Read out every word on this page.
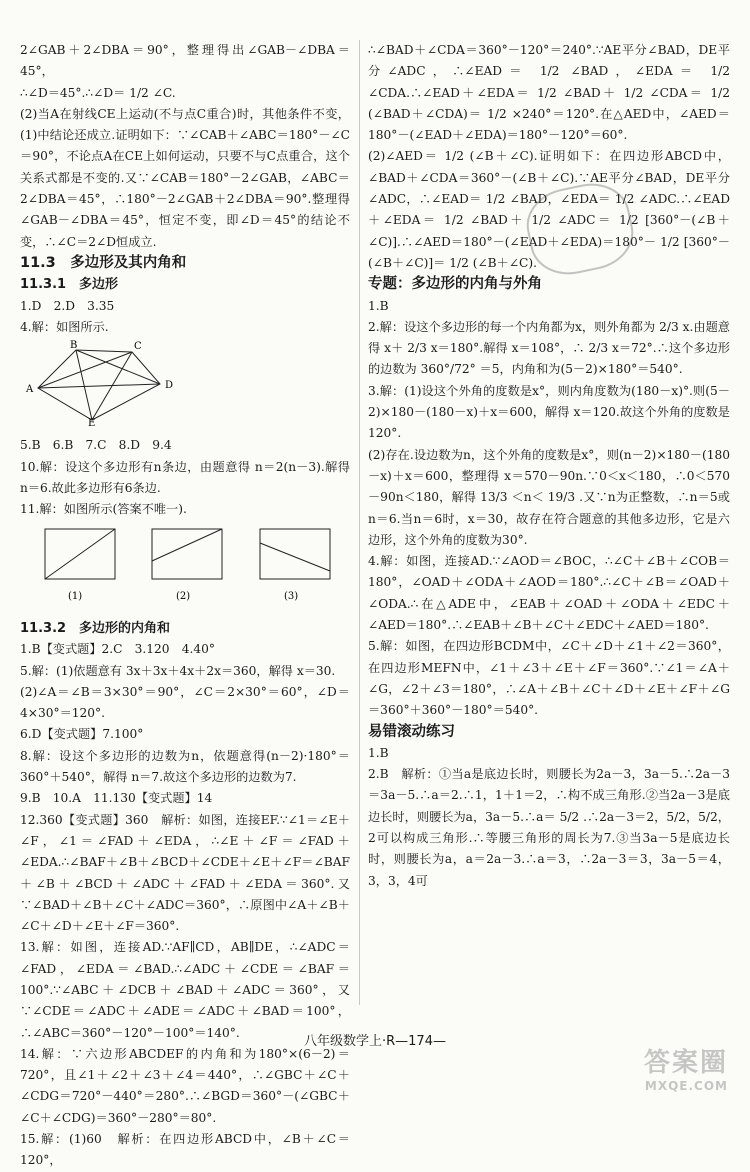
2∠GAB＋2∠DBA＝90°，整理得出∠GAB－∠DBA＝45°，

∴∠D＝45°.∴∠D＝ 1/2 ∠C.

(2)当A在射线CE上运动(不与点C重合)时，其他条件不变，(1)中结论还成立.证明如下：∵∠CAB＋∠ABC＝180°－∠C＝90°，不论点A在CE上如何运动，只要不与C点重合，这个关系式都是不变的.又∵∠CAB＝180°－2∠GAB，∠ABC＝2∠DBA＝45°，∴180°－2∠GAB＋2∠DBA＝90°.整理得∠GAB－∠DBA＝45°，恒定不变，即∠D＝45°的结论不变，∴∠C＝2∠D恒成立.

11.3　多边形及其内角和

11.3.1　多边形

1.D　2.D　3.35

4.解：如图所示.

A
B	C
D
E

5.B　6.B　7.C　8.D　9.4

10.解：设这个多边形有n条边，由题意得 n＝2(n－3).解得 n＝6.故此多边形有6条边.

11.解：如图所示(答案不唯一).

(1)	(2)	(3)

11.3.2　多边形的内角和

1.B【变式题】2.C　3.120　4.40°

5.解：(1)依题意有 3x＋3x＋4x＋2x＝360，解得 x＝30.

(2)∠A＝∠B＝3×30°＝90°，∠C＝2×30°＝60°，∠D＝4×30°＝120°.

6.D【变式题】7.100°

8.解：设这个多边形的边数为n，依题意得(n－2)·180°＝360°＋540°，解得 n＝7.故这个多边形的边数为7.

9.B　10.A　11.130【变式题】14

12.360【变式题】360　解析：如图，连接EF.∵∠1＝∠E＋∠F，∠1＝∠FAD＋∠EDA，∴∠E＋∠F＝∠FAD＋∠EDA.∴∠BAF＋∠B＋∠BCD＋∠CDE＋∠E＋∠F＝∠BAF＋∠B＋∠BCD＋∠ADC＋∠FAD＋∠EDA＝360°.又∵∠BAD＋∠B＋∠C＋∠ADC＝360°，∴原图中∠A＋∠B＋∠C＋∠D＋∠E＋∠F＝360°.

13.解：如图，连接AD.∵AF∥CD，AB∥DE，∴∠ADC＝∠FAD，∠EDA＝∠BAD.∴∠ADC＋∠CDE＝∠BAF＝100°.∵∠ABC＋∠DCB＋∠BAD＋∠ADC＝360°，又∵∠CDE＝∠ADC＋∠ADE＝∠ADC＋∠BAD＝100°，∴∠ABC＝360°－120°－100°＝140°.

14.解：∵六边形ABCDEF的内角和为180°×(6－2)＝720°，且∠1＋∠2＋∠3＋∠4＝440°，∴∠GBC＋∠C＋∠CDG＝720°－440°＝280°.∴∠BGD＝360°－(∠GBC＋∠C＋∠CDG)＝360°－280°＝80°.

15.解：(1)60　解析：在四边形ABCD中，∠B＋∠C＝120°，

∴∠BAD＋∠CDA＝360°－120°＝240°.∵AE平分∠BAD，DE平分∠ADC，∴∠EAD＝ 1/2 ∠BAD，∠EDA＝ 1/2 ∠CDA.∴∠EAD＋∠EDA＝ 1/2 ∠BAD＋ 1/2 ∠CDA＝ 1/2 (∠BAD＋∠CDA)＝ 1/2 ×240°＝120°.在△AED中，∠AED＝180°－(∠EAD＋∠EDA)＝180°－120°＝60°.

(2)∠AED＝ 1/2 (∠B＋∠C).证明如下：在四边形ABCD中，∠BAD＋∠CDA＝360°－(∠B＋∠C).∵AE平分∠BAD，DE平分∠ADC，∴∠EAD＝ 1/2 ∠BAD，∠EDA＝ 1/2 ∠ADC.∴∠EAD＋∠EDA＝ 1/2 ∠BAD＋ 1/2 ∠ADC＝ 1/2 [360°－(∠B＋∠C)].∴∠AED＝180°－(∠EAD＋∠EDA)＝180°－ 1/2 [360°－(∠B＋∠C)]＝ 1/2 (∠B＋∠C).

专题：多边形的内角与外角

1.B

2.解：设这个多边形的每一个内角都为x，则外角都为 2/3 x.由题意得 x＋ 2/3 x＝180°.解得 x＝108°，∴ 2/3 x＝72°.∴这个多边形的边数为 360°/72° ＝5，内角和为(5－2)×180°＝540°.

3.解：(1)设这个外角的度数是x°，则内角度数为(180－x)°.则(5－2)×180－(180－x)＋x＝600，解得 x＝120.故这个外角的度数是120°.

(2)存在.设边数为n，这个外角的度数是x°，则(n－2)×180－(180－x)＋x＝600，整理得 x＝570－90n.∵0＜x＜180，∴0＜570－90n＜180，解得 13/3 ＜n＜ 19/3 .又∵n为正整数，∴n＝5或n＝6.当n＝6时，x＝30，故存在符合题意的其他多边形，它是六边形，这个外角的度数为30°.

4.解：如图，连接AD.∵∠AOD＝∠BOC，∴∠C＋∠B＋∠COB＝180°，∠OAD＋∠ODA＋∠AOD＝180°.∴∠C＋∠B＝∠OAD＋∠ODA.∴在△ADE中，∠EAB＋∠OAD＋∠ODA＋∠EDC＋∠AED＝180°.∴∠EAB＋∠B＋∠C＋∠EDC＋∠AED＝180°.

5.解：如图，在四边形BCDM中，∠C＋∠D＋∠1＋∠2＝360°，在四边形MEFN中，∠1＋∠3＋∠E＋∠F＝360°.∵∠1＝∠A＋∠G，∠2＋∠3＝180°，∴∠A＋∠B＋∠C＋∠D＋∠E＋∠F＋∠G＝360°＋360°－180°＝540°.

易错滚动练习

1.B

2.B　解析：①当a是底边长时，则腰长为2a－3，3a－5.∴2a－3＝3a－5.∴a＝2.∴1，1＋1＝2，∴构不成三角形.②当2a－3是底边长时，则腰长为a，3a－5.∴a＝ 5/2 .∴2a－3＝2，5/2，5/2，2可以构成三角形.∴等腰三角形的周长为7.③当3a－5是底边长时，则腰长为a，a＝2a－3.∴a＝3，∴2a－3＝3，3a－5＝4，3，3，4可

八年级数学上·R—174—
答案圈
MXQE.COM
